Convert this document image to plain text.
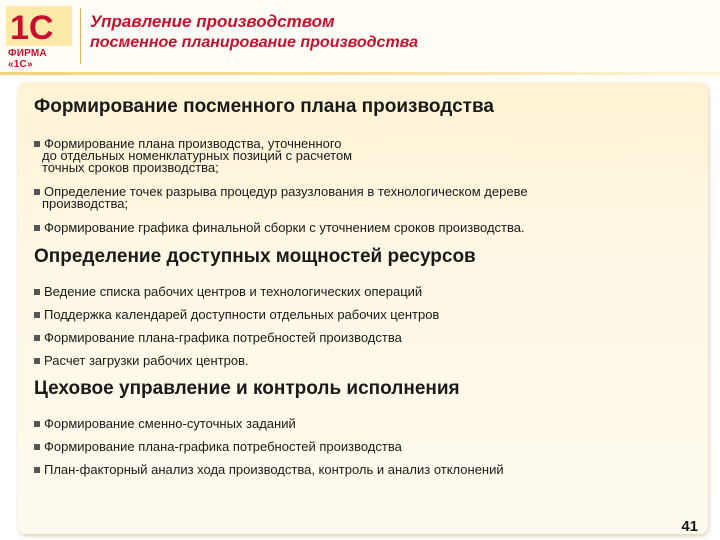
1C
ФИРМА «1С»
Управление производством
посменное планирование производства
Формирование посменного плана производства
Формирование плана производства, уточненного
до отдельных номенклатурных позиций с расчетом
точных сроков производства;
Определение точек разрыва процедур разузлования в технологическом дереве
производства;
Формирование графика финальной сборки с уточнением сроков производства.
Определение доступных мощностей ресурсов
Ведение списка рабочих центров и технологических операций
Поддержка календарей доступности отдельных рабочих центров
Формирование плана-графика потребностей производства
Расчет загрузки рабочих центров.
Цеховое управление и контроль исполнения
Формирование сменно-суточных заданий
Формирование плана-графика потребностей производства
План-факторный анализ хода производства, контроль и анализ отклонений
41
